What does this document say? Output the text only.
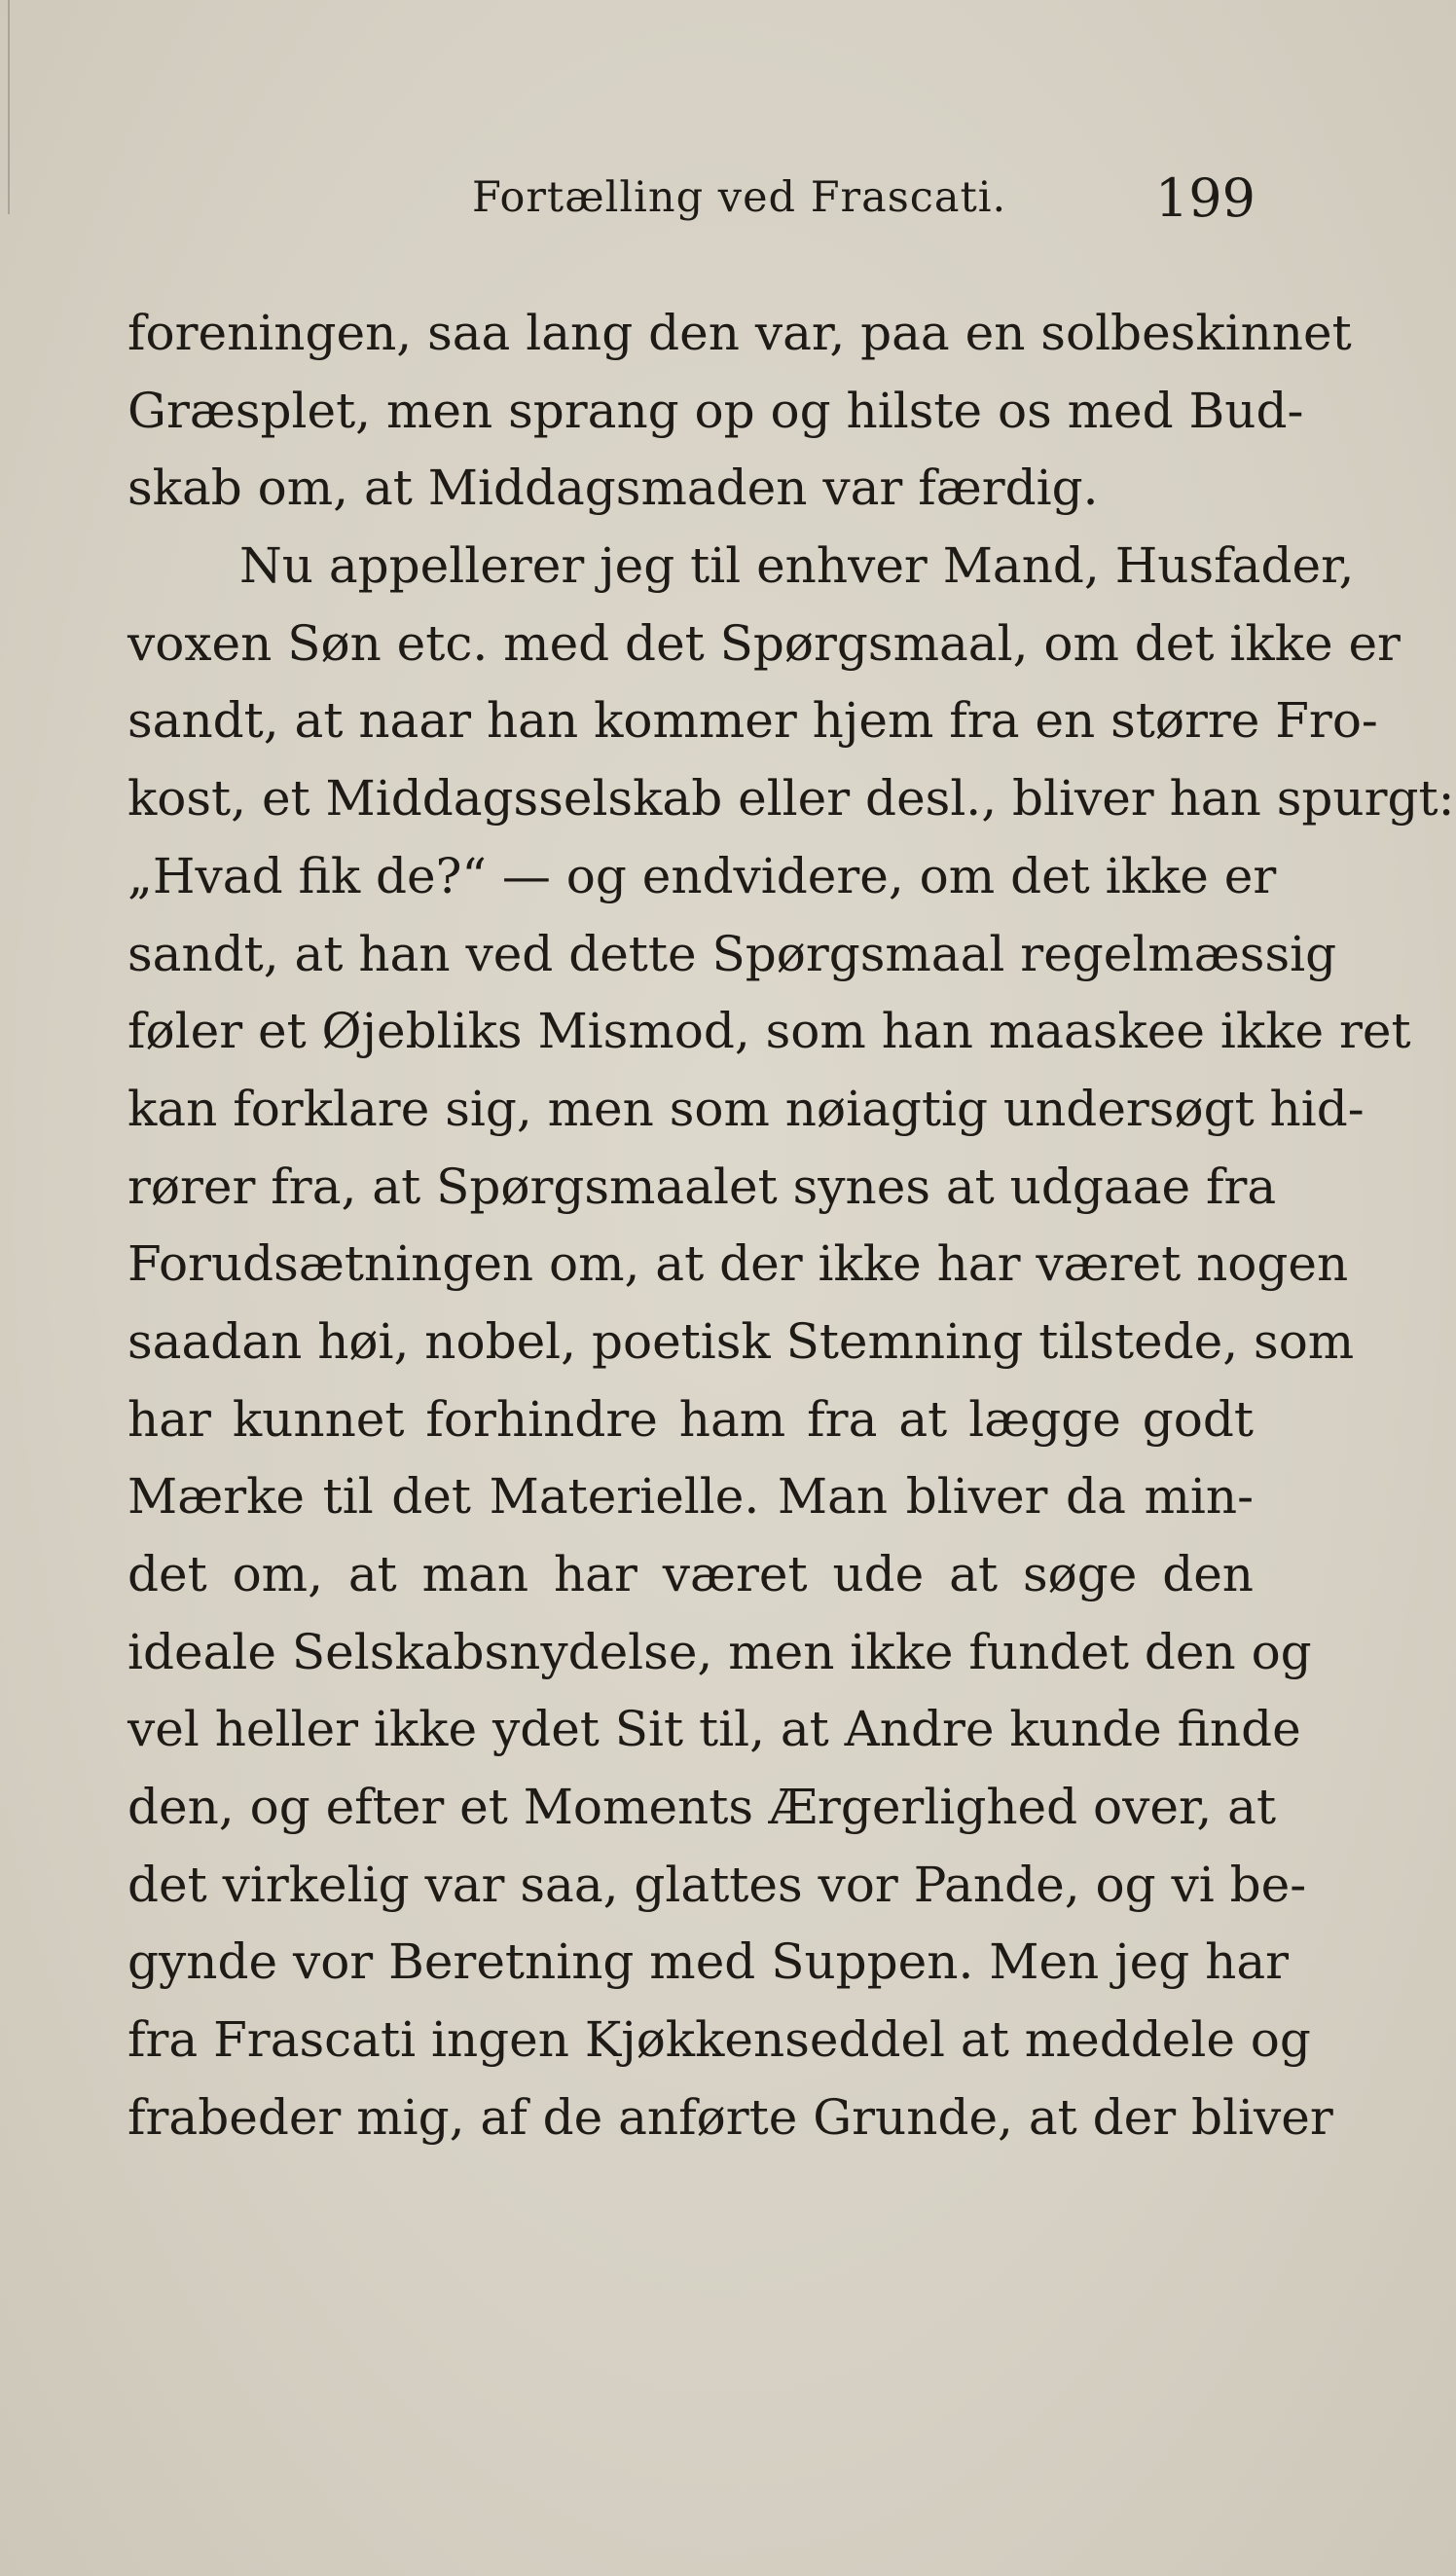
Fortælling ved Frascati.	199
foreningen, saa lang den var, paa en solbeskinnet
Græsplet, men sprang op og hilste os med Bud-
skab om, at Middagsmaden var færdig.
Nu appellerer jeg til enhver Mand, Husfader,
voxen Søn etc. med det Spørgsmaal, om det ikke er
sandt, at naar han kommer hjem fra en større Fro-
kost, et Middagsselskab eller desl., bliver han spurgt:
„Hvad fik de?“ — og endvidere, om det ikke er
sandt, at han ved dette Spørgsmaal regelmæssig
føler et Øjebliks Mismod, som han maaskee ikke ret
kan forklare sig, men som nøiagtig undersøgt hid-
rører fra, at Spørgsmaalet synes at udgaae fra
Forudsætningen om, at der ikke har været nogen
saadan høi, nobel, poetisk Stemning tilstede, som
har kunnet forhindre ham fra at lægge godt
Mærke til det Materielle. Man bliver da min-
det om, at man har været ude at søge den
ideale Selskabsnydelse, men ikke fundet den og
vel heller ikke ydet Sit til, at Andre kunde finde
den, og efter et Moments Ærgerlighed over, at
det virkelig var saa, glattes vor Pande, og vi be-
gynde vor Beretning med Suppen. Men jeg har
fra Frascati ingen Kjøkkenseddel at meddele og
frabeder mig, af de anførte Grunde, at der bliver
